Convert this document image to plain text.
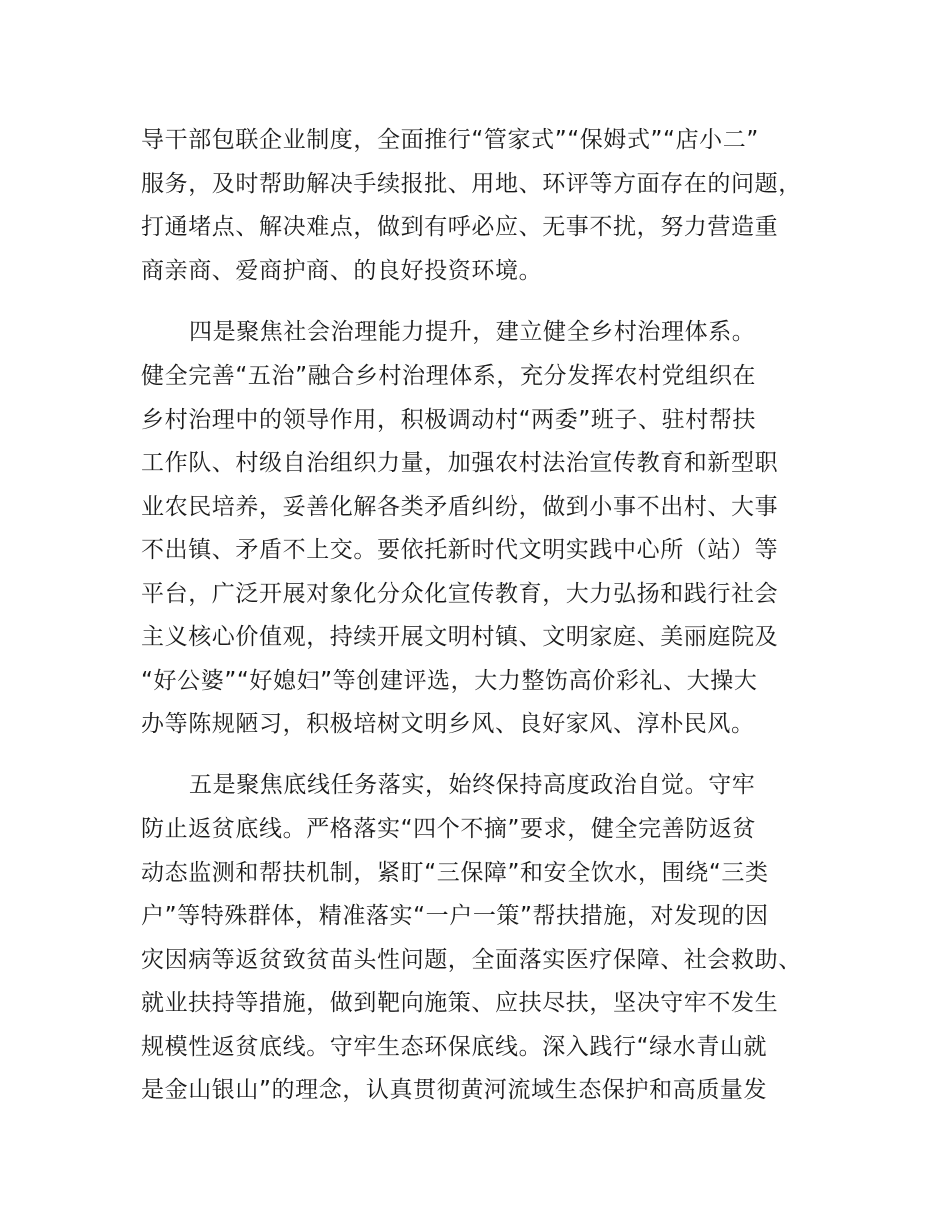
导干部包联企业制度，全面推行“管家式”“保姆式”“店小二”
服务，及时帮助解决手续报批、用地、环评等方面存在的问题，
打通堵点、解决难点，做到有呼必应、无事不扰，努力营造重
商亲商、爱商护商、的良好投资环境。
四是聚焦社会治理能力提升，建立健全乡村治理体系。
健全完善“五治”融合乡村治理体系，充分发挥农村党组织在
乡村治理中的领导作用，积极调动村“两委”班子、驻村帮扶
工作队、村级自治组织力量，加强农村法治宣传教育和新型职
业农民培养，妥善化解各类矛盾纠纷，做到小事不出村、大事
不出镇、矛盾不上交。要依托新时代文明实践中心所（站）等
平台，广泛开展对象化分众化宣传教育，大力弘扬和践行社会
主义核心价值观，持续开展文明村镇、文明家庭、美丽庭院及
“好公婆”“好媳妇”等创建评选，大力整饬高价彩礼、大操大
办等陈规陋习，积极培树文明乡风、良好家风、淳朴民风。
五是聚焦底线任务落实，始终保持高度政治自觉。守牢
防止返贫底线。严格落实“四个不摘”要求，健全完善防返贫
动态监测和帮扶机制，紧盯“三保障”和安全饮水，围绕“三类
户”等特殊群体，精准落实“一户一策”帮扶措施，对发现的因
灾因病等返贫致贫苗头性问题，全面落实医疗保障、社会救助、
就业扶持等措施，做到靶向施策、应扶尽扶，坚决守牢不发生
规模性返贫底线。守牢生态环保底线。深入践行“绿水青山就
是金山银山”的理念，认真贯彻黄河流域生态保护和高质量发
